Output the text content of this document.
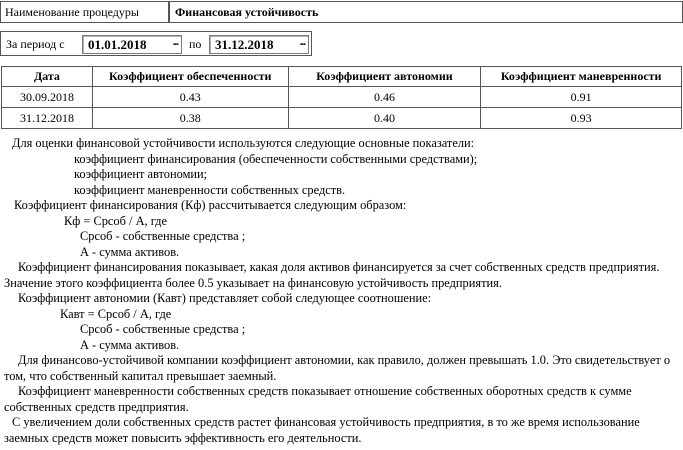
Наименование процедуры	Финансовая устойчивость
За период с	01.01.2018 ... по	31.12.2018 ...
Дата	Коэффициент обеспеченности	Коэффициент автономии	Коэффициент маневренности
30.09.2018	0.43	0.46	0.91
31.12.2018	0.38	0.40	0.93
Для оценки финансовой устойчивости используются следующие основные показатели:
коэффициент финансирования (обеспеченности собственными средствами);
коэффициент автономии;
коэффициент маневренности собственных средств.
Коэффициент финансирования (Кф) рассчитывается следующим образом:
Кф = Срсоб / А, где
Срсоб - собственные средства ;
А - сумма активов.
Коэффициент финансирования показывает, какая доля активов финансируется за счет собственных средств предприятия. Значение этого коэффициента более 0.5 указывает на финансовую устойчивость предприятия.
Коэффициент автономии (Кавт) представляет собой следующее соотношение:
Кавт = Срсоб / А, где
Срсоб - собственные средства ;
А - сумма активов.
Для финансово-устойчивой компании коэффициент автономии, как правило, должен превышать 1.0. Это свидетельствует о том, что собственный капитал превышает заемный.
Коэффициент маневренности собственных средств показывает отношение собственных оборотных средств к сумме собственных средств предприятия.
С увеличением доли собственных средств растет финансовая устойчивость предприятия, в то же время использование заемных средств может повысить эффективность его деятельности.
